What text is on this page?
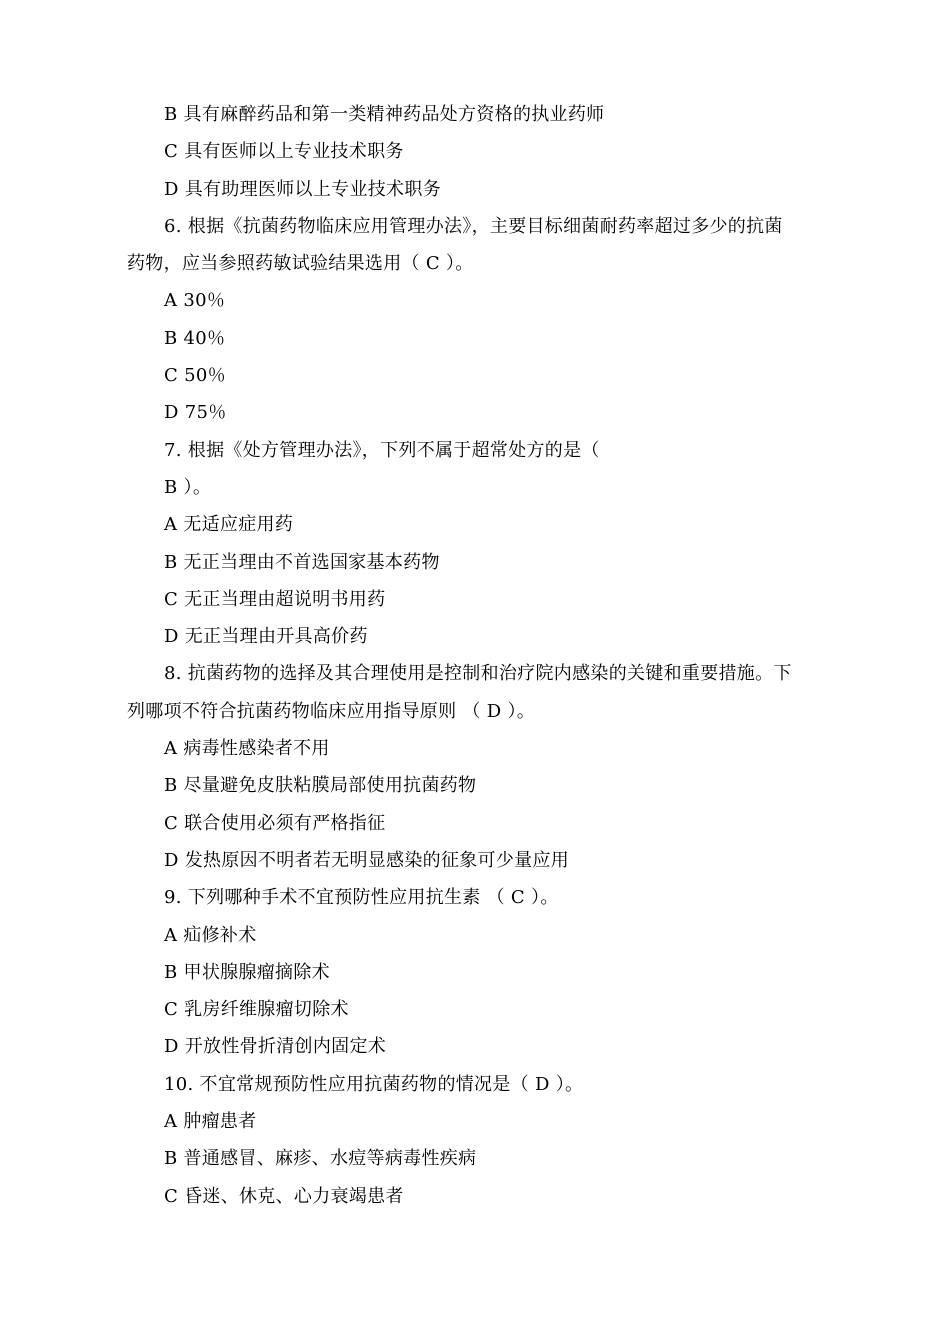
B 具有麻醉药品和第一类精神药品处方资格的执业药师
C 具有医师以上专业技术职务
D 具有助理医师以上专业技术职务
6. 根据《抗菌药物临床应用管理办法》，主要目标细菌耐药率超过多少的抗菌
药物，应当参照药敏试验结果选用（ C ）。
A 30％
B 40％
C 50％
D 75％
7. 根据《处方管理办法》，下列不属于超常处方的是（
B ）。
A 无适应症用药
B 无正当理由不首选国家基本药物
C 无正当理由超说明书用药
D 无正当理由开具高价药
8. 抗菌药物的选择及其合理使用是控制和治疗院内感染的关键和重要措施。下
列哪项不符合抗菌药物临床应用指导原则 （ D ）。
A 病毒性感染者不用
B 尽量避免皮肤粘膜局部使用抗菌药物
C 联合使用必须有严格指征
D 发热原因不明者若无明显感染的征象可少量应用
9. 下列哪种手术不宜预防性应用抗生素 （ C ）。
A 疝修补术
B 甲状腺腺瘤摘除术
C 乳房纤维腺瘤切除术
D 开放性骨折清创内固定术
10. 不宜常规预防性应用抗菌药物的情况是（ D ）。
A 肿瘤患者
B 普通感冒、麻疹、水痘等病毒性疾病
C 昏迷、休克、心力衰竭患者
